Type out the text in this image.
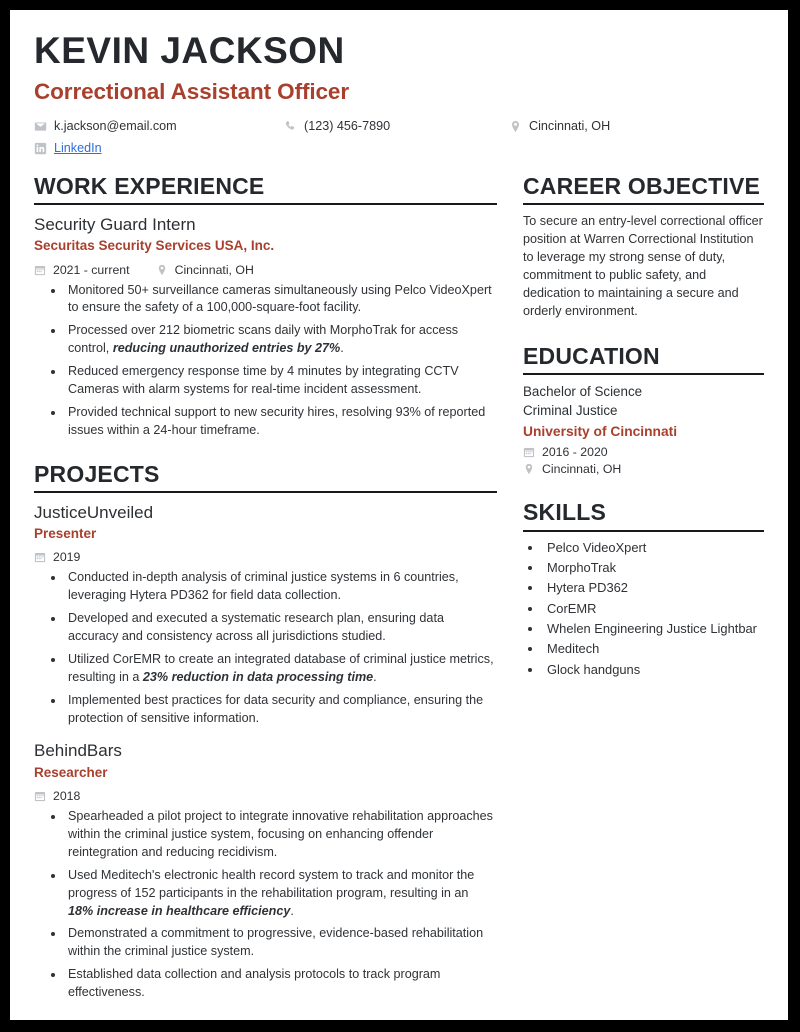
KEVIN JACKSON
Correctional Assistant Officer
k.jackson@email.com	(123) 456-7890	Cincinnati, OH
LinkedIn
WORK EXPERIENCE
Security Guard Intern
Securitas Security Services USA, Inc.
2021 - current	Cincinnati, OH
• Monitored 50+ surveillance cameras simultaneously using Pelco VideoXpert to ensure the safety of a 100,000-square-foot facility.
• Processed over 212 biometric scans daily with MorphoTrak for access control, reducing unauthorized entries by 27%.
• Reduced emergency response time by 4 minutes by integrating CCTV Cameras with alarm systems for real-time incident assessment.
• Provided technical support to new security hires, resolving 93% of reported issues within a 24-hour timeframe.
PROJECTS
JusticeUnveiled
Presenter
2019
• Conducted in-depth analysis of criminal justice systems in 6 countries, leveraging Hytera PD362 for field data collection.
• Developed and executed a systematic research plan, ensuring data accuracy and consistency across all jurisdictions studied.
• Utilized CorEMR to create an integrated database of criminal justice metrics, resulting in a 23% reduction in data processing time.
• Implemented best practices for data security and compliance, ensuring the protection of sensitive information.
BehindBars
Researcher
2018
• Spearheaded a pilot project to integrate innovative rehabilitation approaches within the criminal justice system, focusing on enhancing offender reintegration and reducing recidivism.
• Used Meditech's electronic health record system to track and monitor the progress of 152 participants in the rehabilitation program, resulting in an 18% increase in healthcare efficiency.
• Demonstrated a commitment to progressive, evidence-based rehabilitation within the criminal justice system.
• Established data collection and analysis protocols to track program effectiveness.
CAREER OBJECTIVE
To secure an entry-level correctional officer position at Warren Correctional Institution to leverage my strong sense of duty, commitment to public safety, and dedication to maintaining a secure and orderly environment.
EDUCATION
Bachelor of Science
Criminal Justice
University of Cincinnati
2016 - 2020
Cincinnati, OH
SKILLS
• Pelco VideoXpert
• MorphoTrak
• Hytera PD362
• CorEMR
• Whelen Engineering Justice Lightbar
• Meditech
• Glock handguns
